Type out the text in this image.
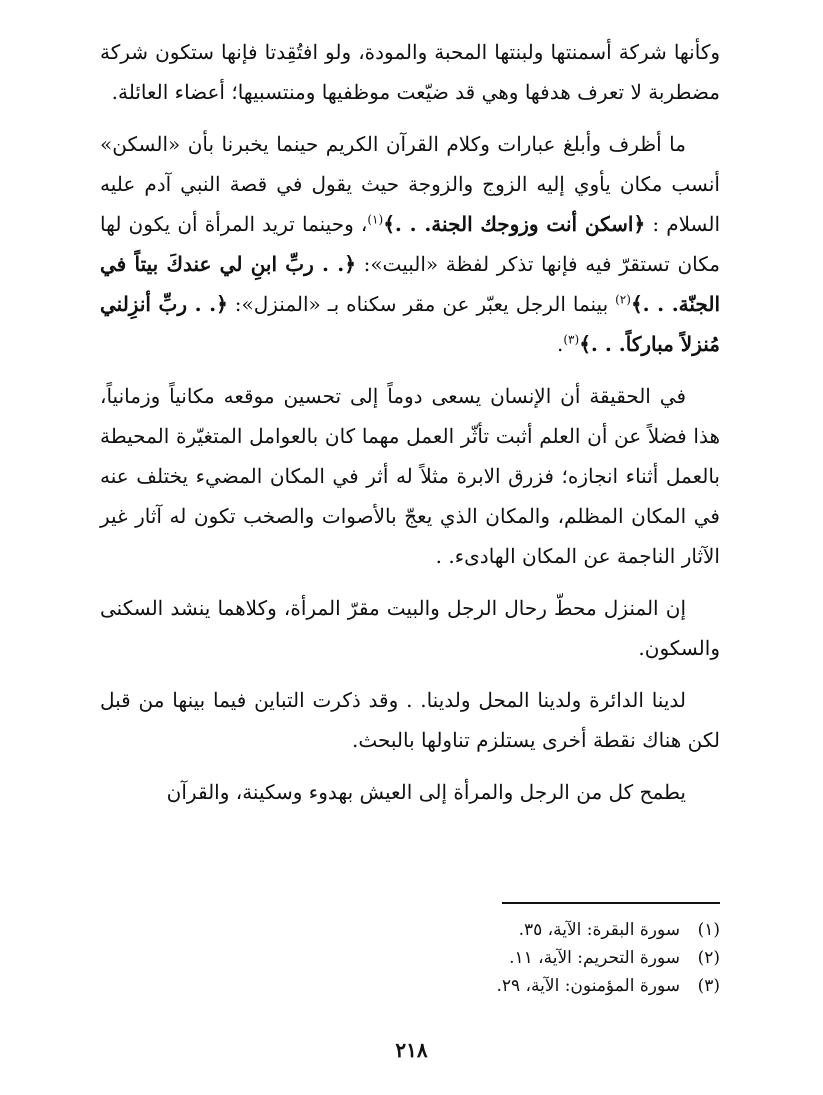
وكأنها شركة أسمنتها ولبنتها المحبة والمودة، ولو افتُقِدتا فإنها ستكون شركة مضطربة لا تعرف هدفها وهي قد ضيّعت موظفيها ومنتسبيها؛ أعضاء العائلة.

ما أظرف وأبلغ عبارات وكلام القرآن الكريم حينما يخبرنا بأن «السكن» أنسب مكان يأوي إليه الزوج والزوجة حيث يقول في قصة النبي آدم عليه السلام : ﴿اسكن أنت وزوجك الجنة. . .﴾$^{(١)}$، وحينما تريد المرأة أن يكون لها مكان تستقرّ فيه فإنها تذكر لفظة «البيت»: ﴿. . ربِّ ابنِ لي عندكَ بيتاً في الجنّة. . .﴾$^{(٢)}$ بينما الرجل يعبّر عن مقر سكناه بـ «المنزل»: ﴿. . ربِّ أنزِلني مُنزلاً مباركاً. . .﴾$^{(٣)}$.

في الحقيقة أن الإنسان يسعى دوماً إلى تحسين موقعه مكانياً وزمانياً، هذا فضلاً عن أن العلم أثبت تأثّر العمل مهما كان بالعوامل المتغيّرة المحيطة بالعمل أثناء انجازه؛ فزرق الابرة مثلاً له أثر في المكان المضيء يختلف عنه في المكان المظلم، والمكان الذي يعجّ بالأصوات والصخب تكون له آثار غير الآثار الناجمة عن المكان الهادىء. .

إن المنزل محطّ رحال الرجل والبيت مقرّ المرأة، وكلاهما ينشد السكنى والسكون.

لدينا الدائرة ولدينا المحل ولدينا. . وقد ذكرت التباين فيما بينها من قبل لكن هناك نقطة أخرى يستلزم تناولها بالبحث.

يطمح كل من الرجل والمرأة إلى العيش بهدوء وسكينة، والقرآن

(١)
سورة البقرة: الآية، ٣٥.
(٢)
سورة التحريم: الآية، ١١.
(٣)
سورة المؤمنون: الآية، ٢٩.
٢١٨
